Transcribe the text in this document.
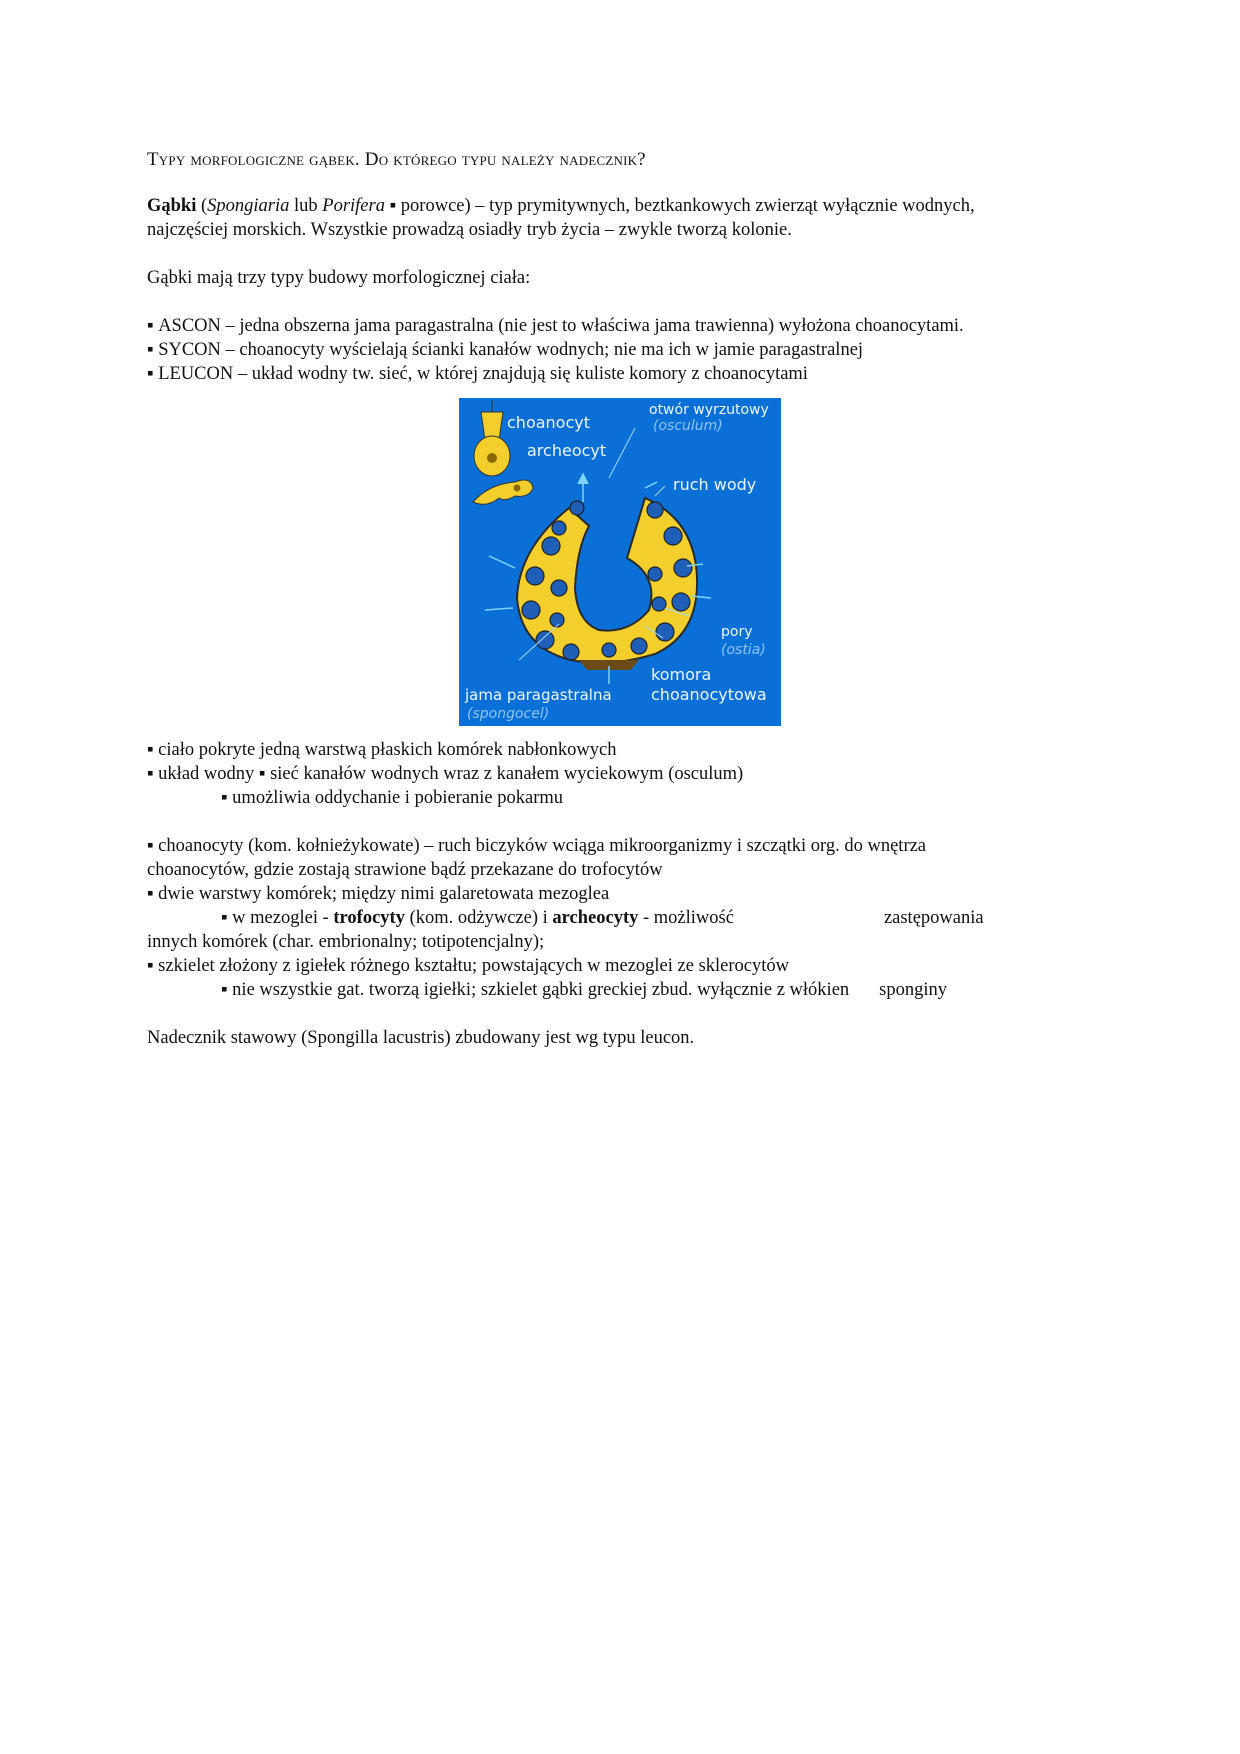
Typy morfologiczne gąbek. Do którego typu należy nadecznik?

Gąbki (Spongiaria lub Porifera ▪ porowce) – typ prymitywnych, beztkankowych zwierząt wyłącznie wodnych,
najczęściej morskich. Wszystkie prowadzą osiadły tryb życia – zwykle tworzą kolonie.

Gąbki mają trzy typy budowy morfologicznej ciała:

▪ ASCON – jedna obszerna jama paragastralna (nie jest to właściwa jama trawienna) wyłożona choanocytami.

▪ SYCON – choanocyty wyścielają ścianki kanałów wodnych; nie ma ich w jamie paragastralnej

▪ LEUCON – układ wodny tw. sieć, w której znajdują się kuliste komory z choanocytami

choanocyt
archeocyt
otwór wyrzutowy
(osculum)
ruch wody
pory
(ostia)
komora
choanocytowa
jama paragastralna
(spongocel)

▪ ciało pokryte jedną warstwą płaskich komórek nabłonkowych

▪ układ wodny ▪ sieć kanałów wodnych wraz z kanałem wyciekowym (osculum)

▪ umożliwia oddychanie i pobieranie pokarmu

▪ choanocyty (kom. kołnieżykowate) – ruch biczyków wciąga mikroorganizmy i szczątki org. do wnętrza
choanocytów, gdzie zostają strawione bądź przekazane do trofocytów

▪ dwie warstwy komórek; między nimi galaretowata mezoglea

▪ w mezoglei - trofocyty (kom. odżywcze) i archeocyty - możliwość	zastępowania

innych komórek (char. embrionalny; totipotencjalny);

▪ szkielet złożony z igiełek różnego kształtu; powstających w mezoglei ze sklerocytów

▪ nie wszystkie gat. tworzą igiełki; szkielet gąbki greckiej zbud. wyłącznie z włókien sponginy

Nadecznik stawowy (Spongilla lacustris) zbudowany jest wg typu leucon.
